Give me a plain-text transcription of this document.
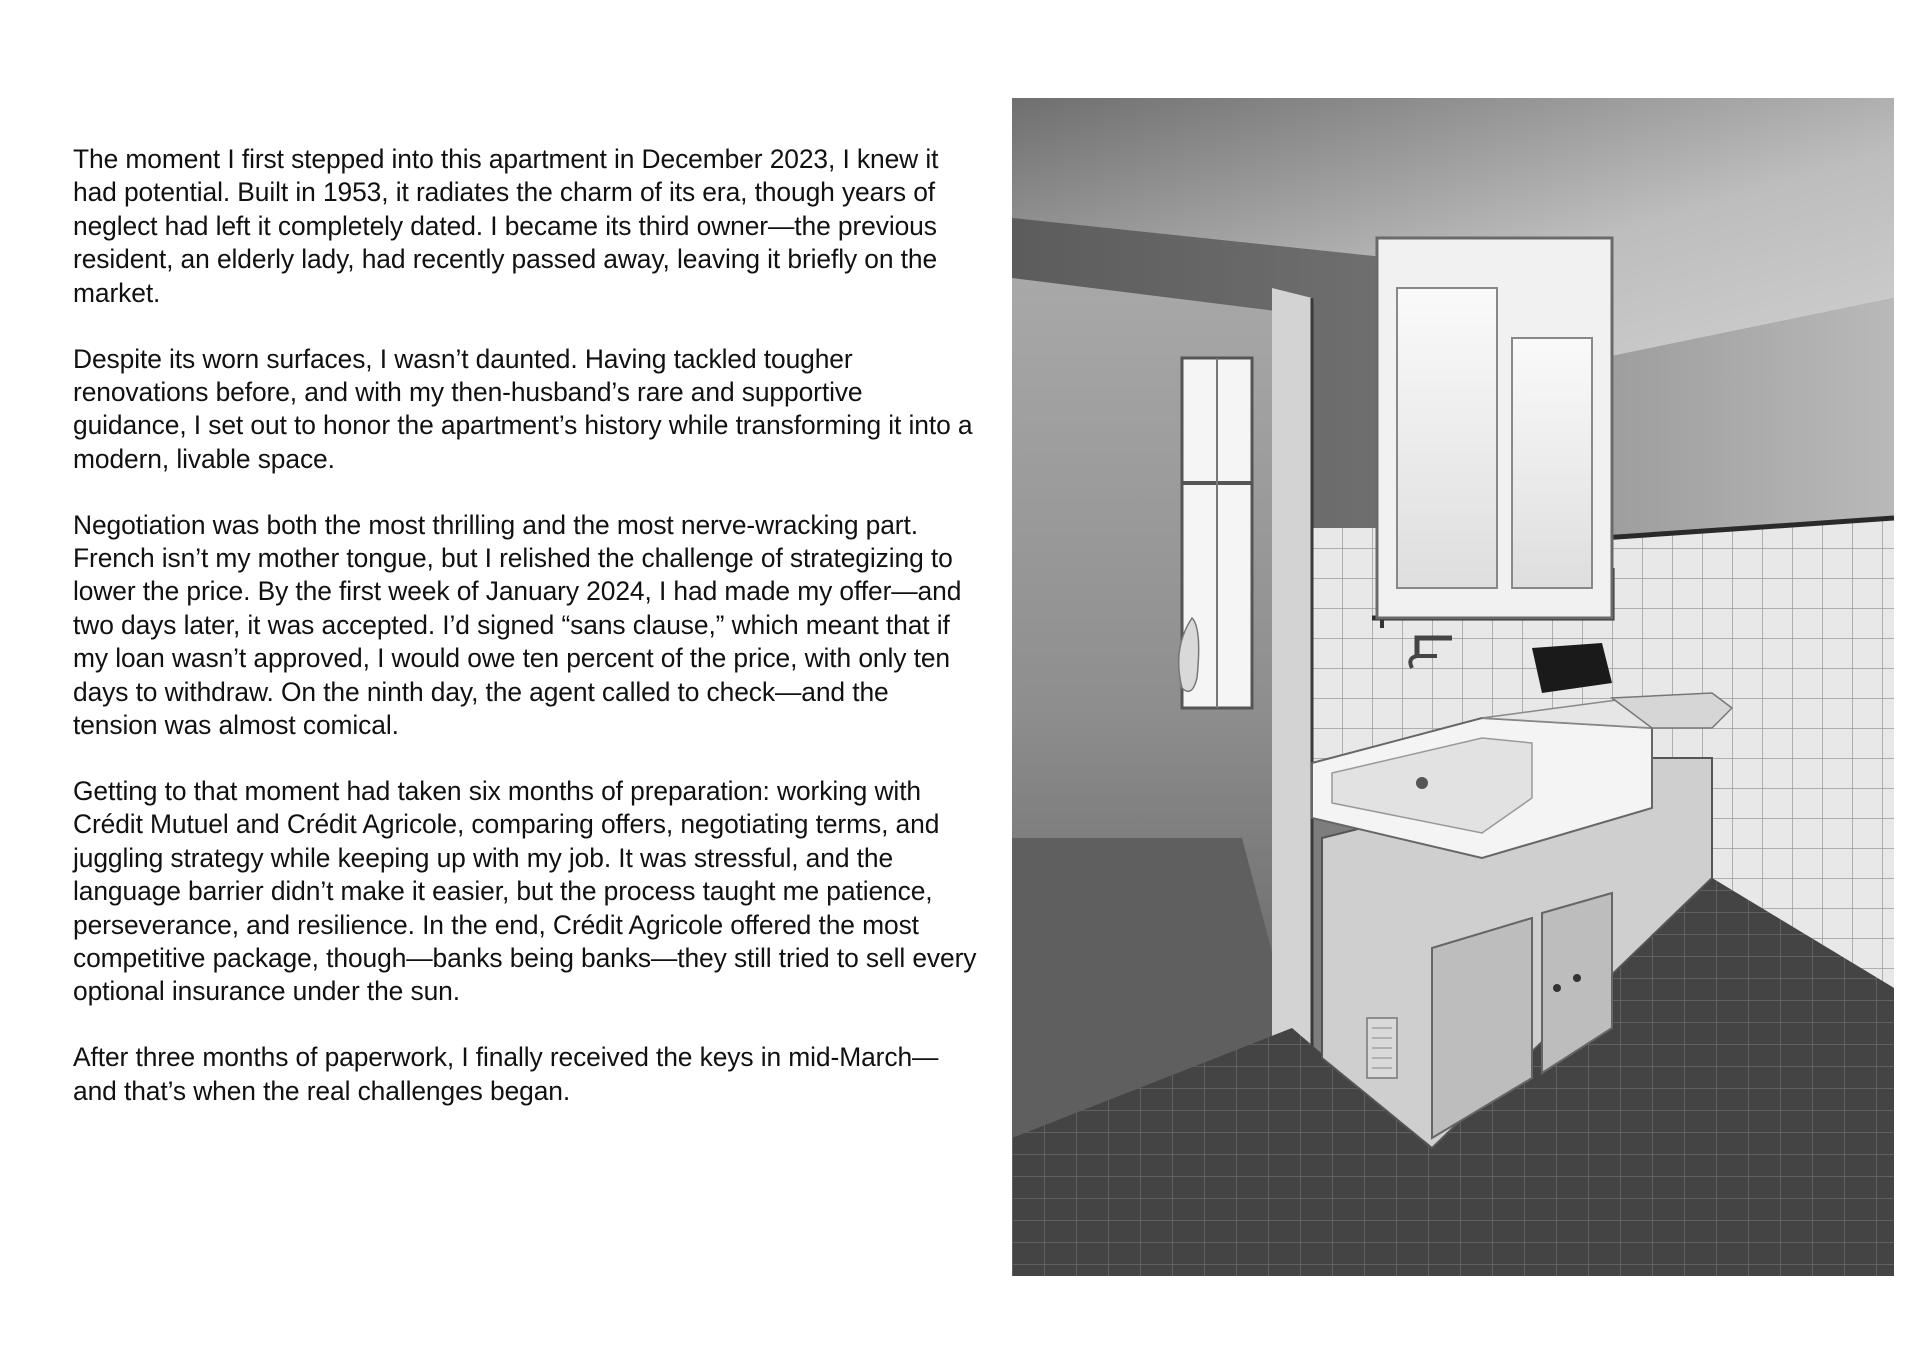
The moment I first stepped into this apartment in December 2023, I knew it had potential. Built in 1953, it radiates the charm of its era, though years of neglect had left it completely dated. I became its third owner—the previous resident, an elderly lady, had recently passed away, leaving it briefly on the market.

Despite its worn surfaces, I wasn’t daunted. Having tackled tougher renovations before, and with my then-husband’s rare and supportive guidance, I set out to honor the apartment’s history while transforming it into a modern, livable space.

Negotiation was both the most thrilling and the most nerve-wracking part. French isn’t my mother tongue, but I relished the challenge of strategizing to lower the price. By the first week of January 2024, I had made my offer—and two days later, it was accepted. I’d signed “sans clause,” which meant that if my loan wasn’t approved, I would owe ten percent of the price, with only ten days to withdraw. On the ninth day, the agent called to check—and the tension was almost comical.

Getting to that moment had taken six months of preparation: working with Crédit Mutuel and Crédit Agricole, comparing offers, negotiating terms, and juggling strategy while keeping up with my job. It was stressful, and the language barrier didn’t make it easier, but the process taught me patience, perseverance, and resilience. In the end, Crédit Agricole offered the most competitive package, though—banks being banks—they still tried to sell every optional insurance under the sun.

After three months of paperwork, I finally received the keys in mid-March—and that’s when the real challenges began.
